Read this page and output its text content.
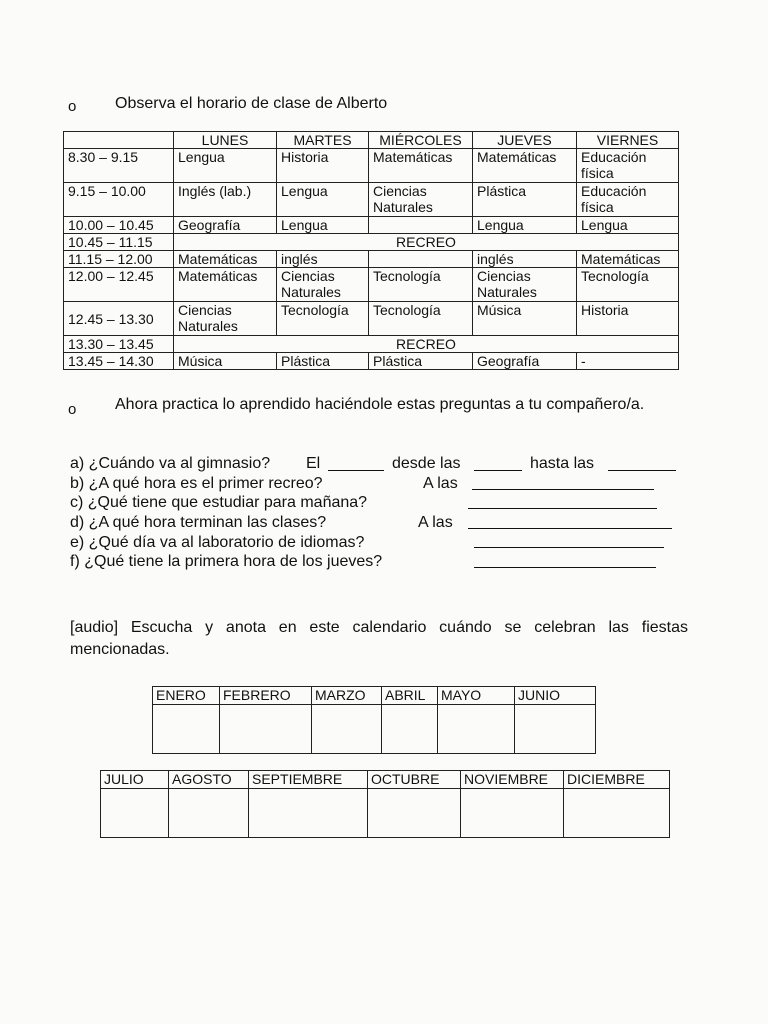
o Observa el horario de clase de Alberto
	LUNES	MARTES	MIÉRCOLES	JUEVES	VIERNES
8.30 – 9.15	Lengua	Historia	Matemáticas	Matemáticas	Educación física
9.15 – 10.00	Inglés (lab.)	Lengua	Ciencias Naturales	Plástica	Educación física
10.00 – 10.45	Geografía	Lengua		Lengua	Lengua
10.45 – 11.15	RECREO				
11.15 – 12.00	Matemáticas	inglés		inglés	Matemáticas
12.00 – 12.45	Matemáticas	Ciencias Naturales	Tecnología	Ciencias Naturales	Tecnología
12.45 – 13.30	Ciencias Naturales	Tecnología	Tecnología	Música	Historia
13.30 – 13.45	RECREO				
13.45 – 14.30	Música	Plástica	Plástica	Geografía	-
o Ahora practica lo aprendido haciéndole estas preguntas a tu compañero/a.
a) ¿Cuándo va al gimnasio? El	desde las	hasta las
b) ¿A qué hora es el primer recreo?	A las
c) ¿Qué tiene que estudiar para mañana?
d) ¿A qué hora terminan las clases?	A las
e) ¿Qué día va al laboratorio de idiomas?
f) ¿Qué tiene la primera hora de los jueves?
[audio] Escucha y anota en este calendario cuándo se celebran las fiestas mencionadas.
ENERO	FEBRERO	MARZO	ABRIL	MAYO	JUNIO

JULIO	AGOSTO	SEPTIEMBRE	OCTUBRE	NOVIEMBRE	DICIEMBRE
